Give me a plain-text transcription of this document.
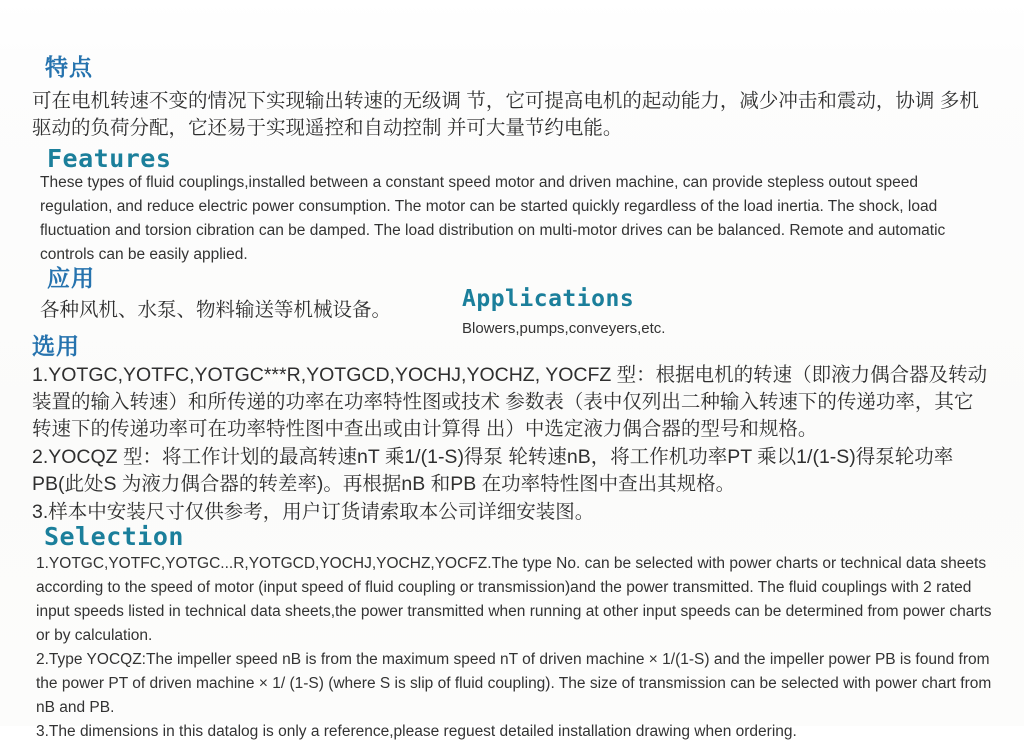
特点
可在电机转速不变的情况下实现输出转速的无级调 节，它可提高电机的起动能力，减少冲击和震动，协调 多机驱动的负荷分配，它还易于实现遥控和自动控制 并可大量节约电能。
Features
These types of fluid couplings,installed between a constant speed motor and driven machine, can provide stepless outout speed regulation, and reduce electric power consumption. The motor can be started quickly regardless of the load inertia. The shock, load fluctuation and torsion cibration can be damped. The load distribution on multi-motor drives can be balanced. Remote and automatic controls can be easily applied.
应用
各种风机、水泵、物料输送等机械设备。	Applications
Blowers,pumps,conveyers,etc.
选用
1.YOTGC,YOTFC,YOTGC***R,YOTGCD,YOCHJ,YOCHZ, YOCFZ 型：根据电机的转速（即液力偶合器及转动装置的输入转速）和所传递的功率在功率特性图或技术 参数表（表中仅列出二种输入转速下的传递功率，其它 转速下的传递功率可在功率特性图中查出或由计算得 出）中选定液力偶合器的型号和规格。
2.YOCQZ 型：将工作计划的最高转速nT 乘1/(1-S)得泵 轮转速nB，将工作机功率PT 乘以1/(1-S)得泵轮功率PB(此处S 为液力偶合器的转差率)。再根据nB 和PB 在功率特性图中查出其规格。
3.样本中安装尺寸仅供参考，用户订货请索取本公司详细安装图。
Selection
1.YOTGC,YOTFC,YOTGC...R,YOTGCD,YOCHJ,YOCHZ,YOCFZ.The type No. can be selected with power charts or technical data sheets according to the speed of motor (input speed of fluid coupling or transmission)and the power transmitted. The fluid couplings with 2 rated input speeds listed in technical data sheets,the power transmitted when running at other input speeds can be determined from power charts or by calculation.
2.Type YOCQZ:The impeller speed nB is from the maximum speed nT of driven machine × 1/(1-S) and the impeller power PB is found from the power PT of driven machine × 1/ (1-S) (where S is slip of fluid coupling). The size of transmission can be selected with power chart from nB and PB.
3.The dimensions in this datalog is only a reference,please reguest detailed installation drawing when ordering.
